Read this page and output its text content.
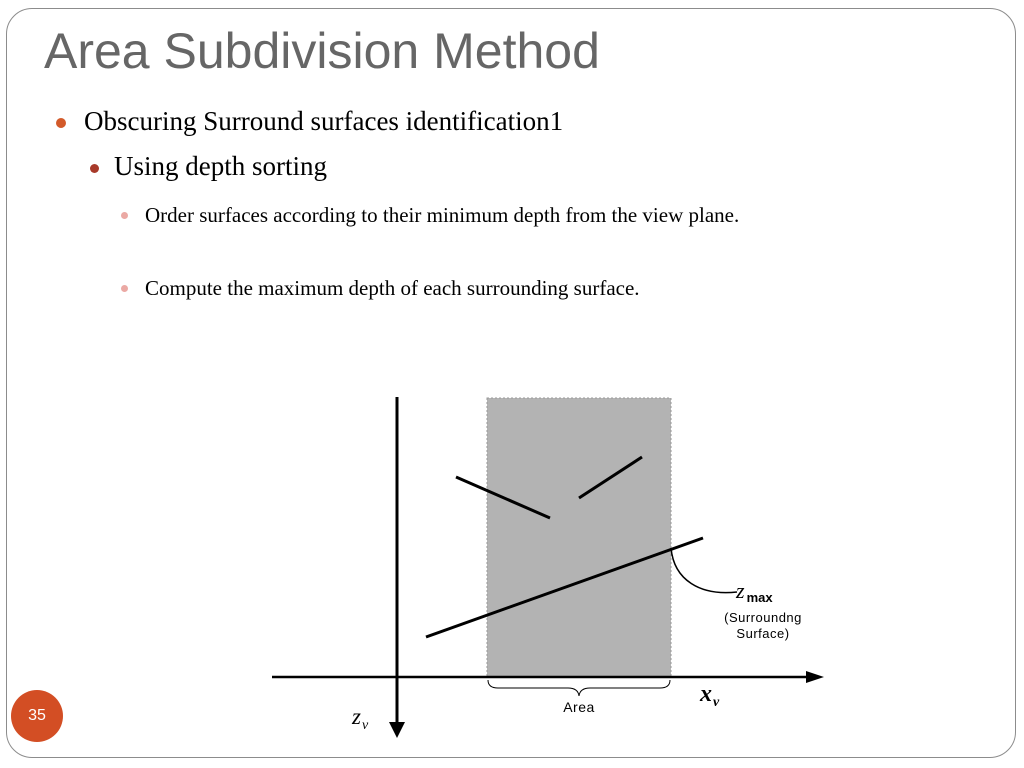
Area Subdivision Method
Obscuring Surround surfaces identification1
Using depth sorting
Order surfaces according to their minimum depth from the view plane.
Compute the maximum depth of each surrounding surface.
zmax
(Surroundng
Surface)
Area	$x_v$
$z_v$
35
